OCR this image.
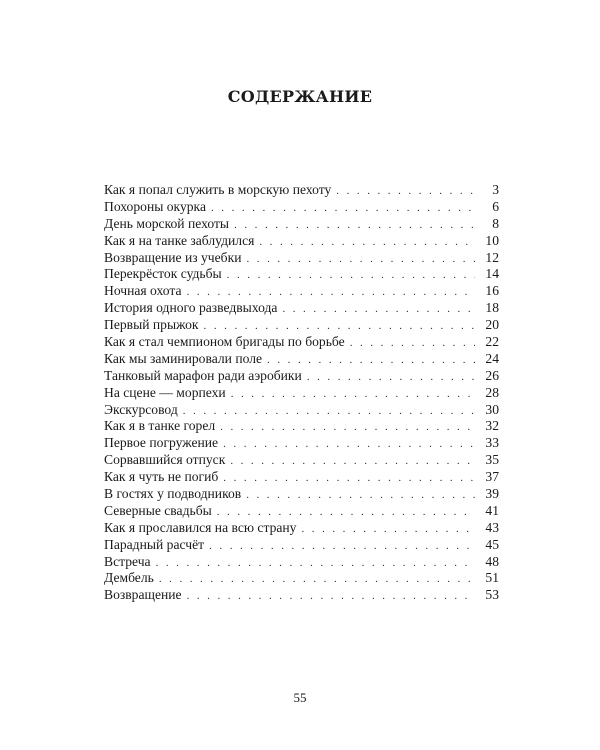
СОДЕРЖАНИЕ
Как я попал служить в морскую пехоту . . .	3
Похороны окурка . . .	6
День морской пехоты . . .	8
Как я на танке заблудился . . .	10
Возвращение из учебки . . .	12
Перекрёсток судьбы . . .	14
Ночная охота . . .	16
История одного разведвыхода . . .	18
Первый прыжок . . .	20
Как я стал чемпионом бригады по борьбе . . .	22
Как мы заминировали поле . . .	24
Танковый марафон ради аэробики . . .	26
На сцене — морпехи . . .	28
Экскурсовод . . .	30
Как я в танке горел . . .	32
Первое погружение . . .	33
Сорвавшийся отпуск . . .	35
Как я чуть не погиб . . .	37
В гостях у подводников . . .	39
Северные свадьбы . . .	41
Как я прославился на всю страну . . .	43
Парадный расчёт . . .	45
Встреча . . .	48
Дембель . . .	51
Возвращение . . .	53
55
